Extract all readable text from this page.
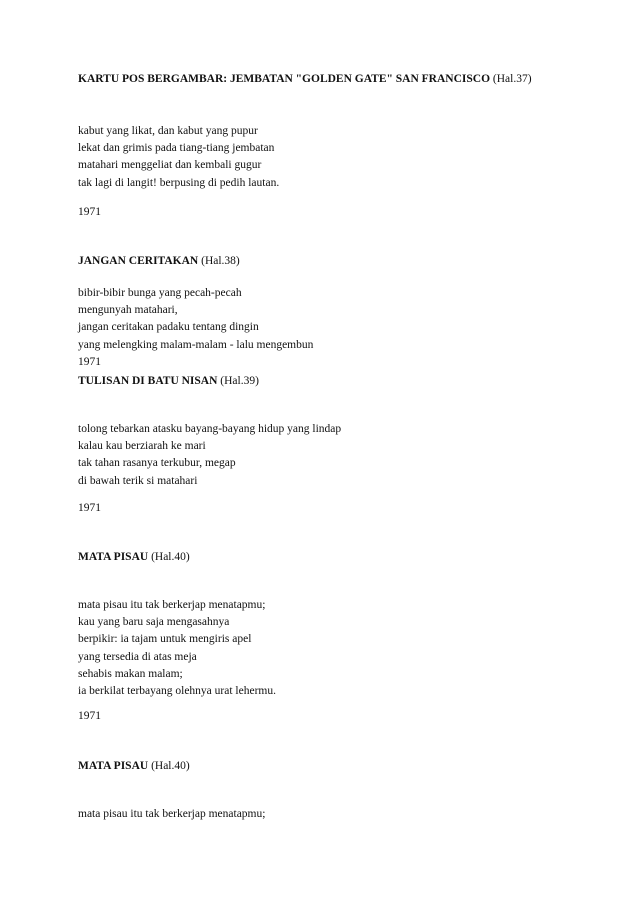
KARTU POS BERGAMBAR: JEMBATAN "GOLDEN GATE" SAN FRANCISCO (Hal.37)
kabut yang likat, dan kabut yang pupur
lekat dan grimis pada tiang-tiang jembatan
matahari menggeliat dan kembali gugur
tak lagi di langit! berpusing di pedih lautan.
1971
JANGAN CERITAKAN (Hal.38)
bibir-bibir bunga yang pecah-pecah
mengunyah matahari,
jangan ceritakan padaku tentang dingin
yang melengking malam-malam - lalu mengembun
1971
TULISAN DI BATU NISAN (Hal.39)
tolong tebarkan atasku bayang-bayang hidup yang lindap
kalau kau berziarah ke mari
tak tahan rasanya terkubur, megap
di bawah terik si matahari
1971
MATA PISAU (Hal.40)
mata pisau itu tak berkerjap menatapmu;
kau yang baru saja mengasahnya
berpikir: ia tajam untuk mengiris apel
yang tersedia di atas meja
sehabis makan malam;
ia berkilat terbayang olehnya urat lehermu.
1971
MATA PISAU (Hal.40)
mata pisau itu tak berkerjap menatapmu;
